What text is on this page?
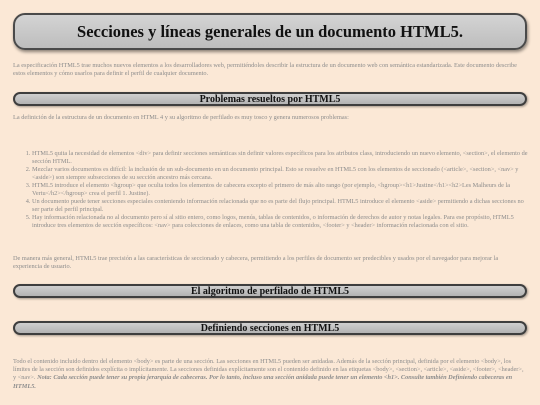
Secciones y líneas generales de un documento HTML5.

La especificación HTML5 trae muchos nuevos elementos a los desarrolladores web, permitiéndoles describir la estructura de un documento web con semántica estandarizada. Este documento describe estos elementos y cómo usarlos para definir el perfil de cualquier documento.

Problemas resueltos por HTML5

La definición de la estructura de un documento en HTML 4 y su algoritmo de perfilado es muy tosco y genera numerosos problemas:

1. HTML5 quita la necesidad de elementos <div> para definir secciones semánticas sin definir valores específicos para los atributos class, introduciendo un nuevo elemento, <section>, el elemento de sección HTML.
2. Mezclar varios documentos es difícil: la inclusión de un sub-documento en un documento principal. Esto se resuelve en HTML5 con los elementos de seccionado (<article>, <section>, <nav> y <aside>) son siempre subsecciones de su sección ancestro más cercana.
3. HTML5 introduce el elemento <hgroup> que oculta todos los elementos de cabecera excepto el primero de más alto rango (por ejemplo, <hgroup><h1>Justine</h1><h2>Les Malheurs de la Vertu</h2></hgroup> crea el perfil 1. Justine).
4. Un documento puede tener secciones especiales conteniendo información relacionada que no es parte del flujo principal. HTML5 introduce el elemento <aside> permitiendo a dichas secciones no ser parte del perfil principal.
5. Hay información relacionada no al documento pero sí al sitio entero, como logos, menús, tablas de contenidos, o información de derechos de autor y notas legales. Para ese propósito, HTML5 introduce tres elementos de sección específicos: <nav> para colecciones de enlaces, como una tabla de contenidos, <footer> y <header> información relacionada con el sitio.

De manera más general, HTML5 trae precisión a las características de seccionado y cabecera, permitiendo a los perfiles de documento ser predecibles y usados por el navegador para mejorar la experiencia de usuario.

El algoritmo de perfilado de HTML5
Definiendo secciones en HTML5

Todo el contenido incluido dentro del elemento <body> es parte de una sección. Las secciones en HTML5 pueden ser anidadas. Además de la sección principal, definida por el elemento <body>, los límites de la sección son definidos explícita o implícitamente. La secciones definidas explícitamente son el contenido definido en las etiquetas <body>, <section>, <article>, <aside>, <footer>, <header>, y <nav>. Nota: Cada sección puede tener su propia jerarquía de cabeceras. Por lo tanto, incluso una sección anidada puede tener un elemento <h1>. Consulte también Definiendo cabeceras en HTML5.
